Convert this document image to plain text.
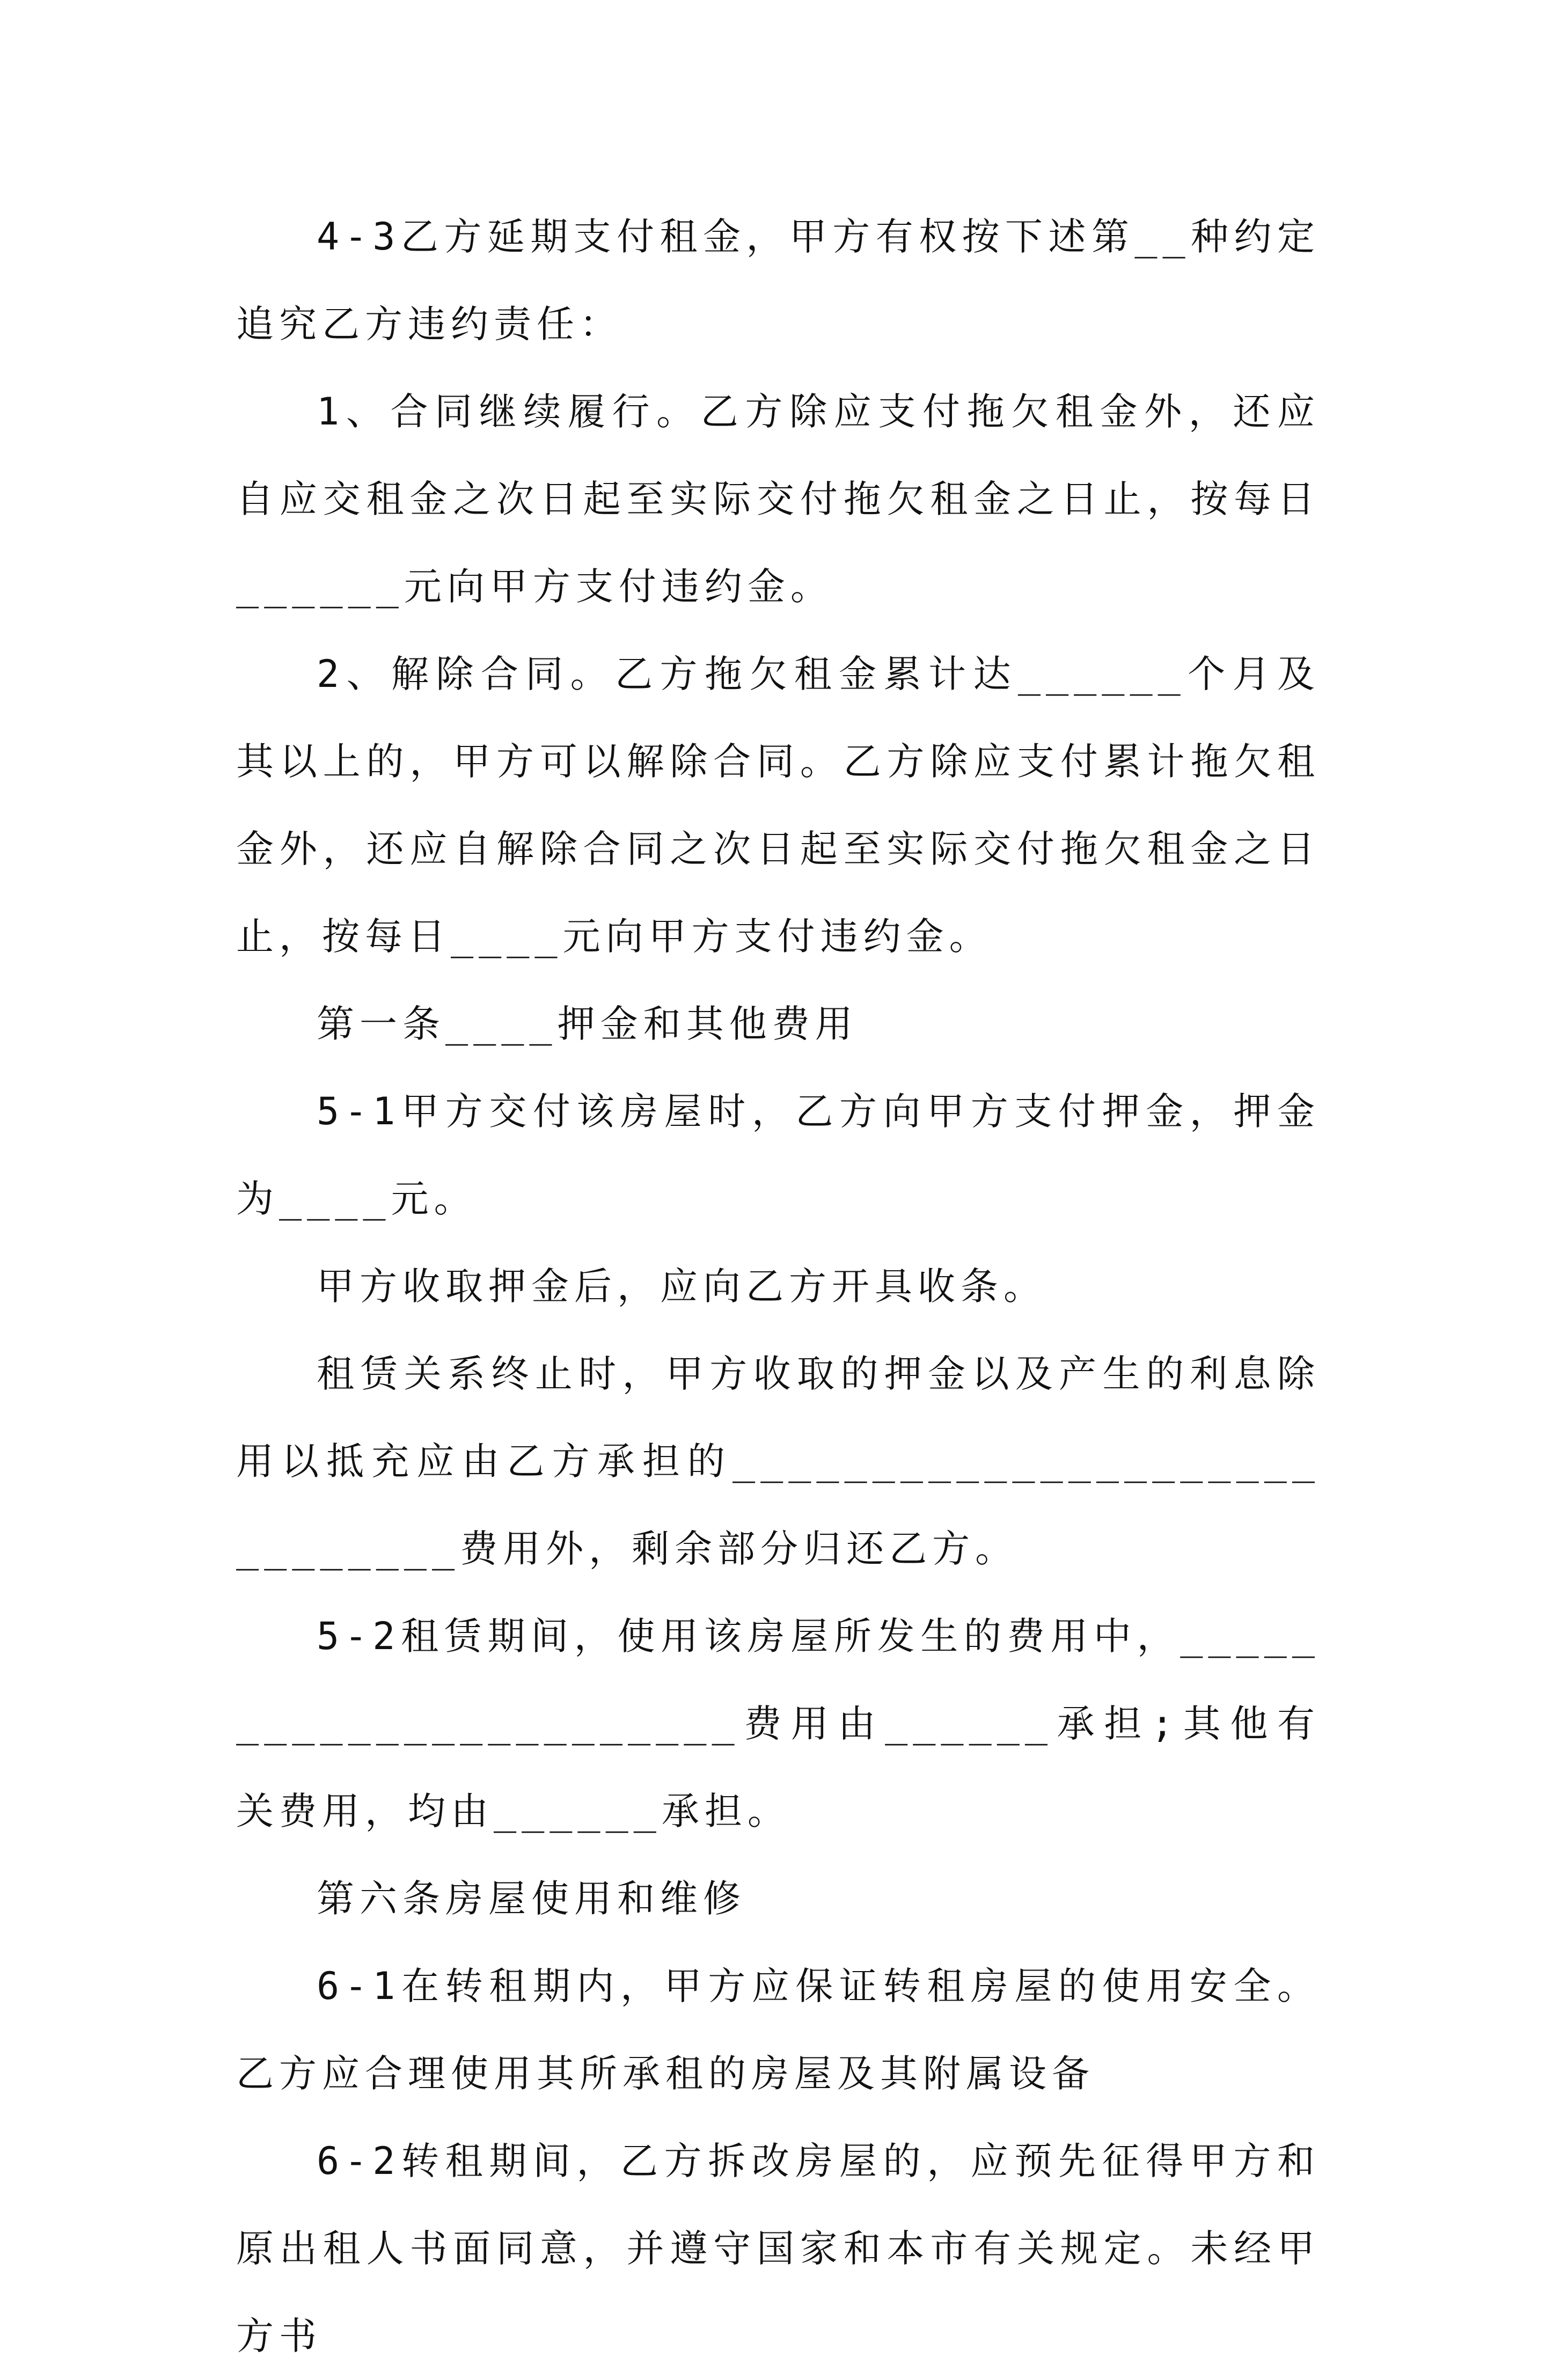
4-3乙方延期支付租金，甲方有权按下述第__种约定追究乙方违约责任：

1、合同继续履行。乙方除应支付拖欠租金外，还应自应交租金之次日起至实际交付拖欠租金之日止，按每日______元向甲方支付违约金。

2、解除合同。乙方拖欠租金累计达______个月及其以上的，甲方可以解除合同。乙方除应支付累计拖欠租金外，还应自解除合同之次日起至实际交付拖欠租金之日止，按每日____元向甲方支付违约金。

第一条____押金和其他费用

5-1甲方交付该房屋时，乙方向甲方支付押金，押金为____元。

甲方收取押金后，应向乙方开具收条。

租赁关系终止时，甲方收取的押金以及产生的利息除用以抵充应由乙方承担的_____________________________费用外，剩余部分归还乙方。

5-2租赁期间，使用该房屋所发生的费用中，_______________________费用由______承担;其他有关费用，均由______承担。

第六条房屋使用和维修

6-1在转租期内，甲方应保证转租房屋的使用安全。乙方应合理使用其所承租的房屋及其附属设备

6-2转租期间，乙方拆改房屋的，应预先征得甲方和原出租人书面同意，并遵守国家和本市有关规定。未经甲方书
